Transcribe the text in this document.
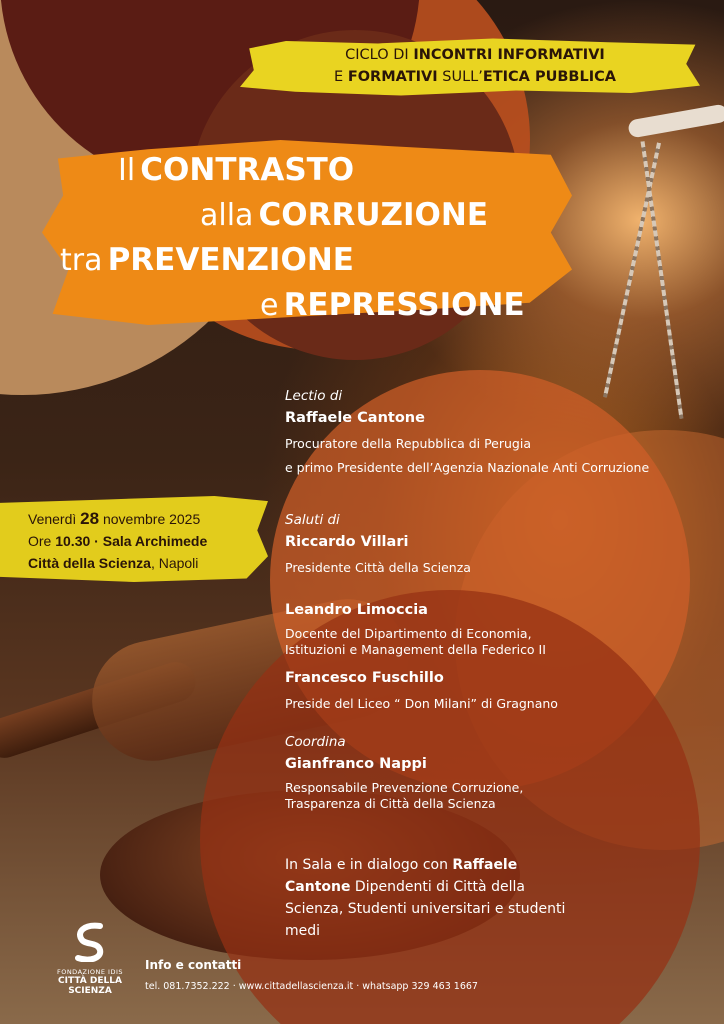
CICLO DI INCONTRI INFORMATIVI
E FORMATIVI SULL’ETICA PUBBLICA
Il CONTRASTO
alla CORRUZIONE
tra PREVENZIONE
e REPRESSIONE
Venerdì 28 novembre 2025
Ore 10.30 · Sala Archimede
Città della Scienza, Napoli
Lectio di
Raffaele Cantone
Procuratore della Repubblica di Perugia
e primo Presidente dell’Agenzia Nazionale Anti Corruzione
Saluti di
Riccardo Villari
Presidente Città della Scienza
Leandro Limoccia
Docente del Dipartimento di Economia,
Istituzioni e Management della Federico II
Francesco Fuschillo
Preside del Liceo “ Don Milani” di Gragnano
Coordina
Gianfranco Nappi
Responsabile Prevenzione Corruzione,
Trasparenza di Città della Scienza
In Sala e in dialogo con Raffaele Cantone Dipendenti di Città della Scienza, Studenti universitari e studenti medi
FONDAZIONE IDIS
CITTÀ DELLA SCIENZA
Info e contatti
tel. 081.7352.222 · www.cittadellascienza.it · whatsapp 329 463 1667
